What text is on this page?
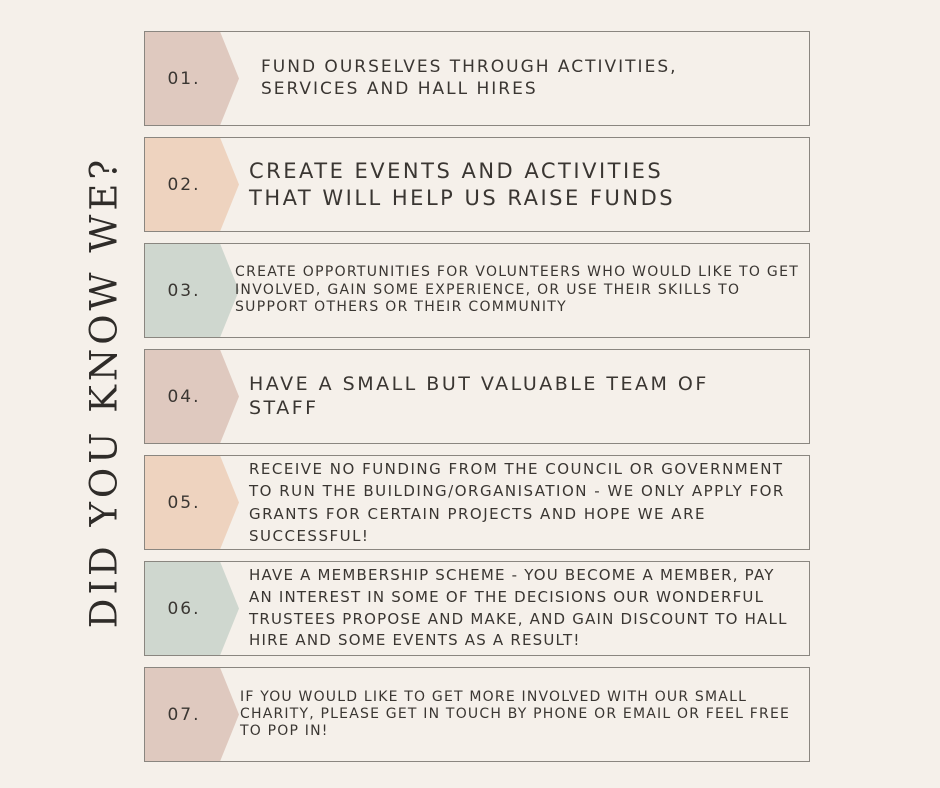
DID YOU KNOW WE?
01.
FUND OURSELVES THROUGH ACTIVITIES, SERVICES AND HALL HIRES
02.
CREATE EVENTS AND ACTIVITIES THAT WILL HELP US RAISE FUNDS
03.
CREATE OPPORTUNITIES FOR VOLUNTEERS WHO WOULD LIKE TO GET INVOLVED, GAIN SOME EXPERIENCE, OR USE THEIR SKILLS TO SUPPORT OTHERS OR THEIR COMMUNITY
04.
HAVE A SMALL BUT VALUABLE TEAM OF STAFF
05.
RECEIVE NO FUNDING FROM THE COUNCIL OR GOVERNMENT TO RUN THE BUILDING/ORGANISATION - WE ONLY APPLY FOR GRANTS FOR CERTAIN PROJECTS AND HOPE WE ARE SUCCESSFUL!
06.
HAVE A MEMBERSHIP SCHEME - YOU BECOME A MEMBER, PAY AN INTEREST IN SOME OF THE DECISIONS OUR WONDERFUL TRUSTEES PROPOSE AND MAKE, AND GAIN DISCOUNT TO HALL HIRE AND SOME EVENTS AS A RESULT!
07.
IF YOU WOULD LIKE TO GET MORE INVOLVED WITH OUR SMALL CHARITY, PLEASE GET IN TOUCH BY PHONE OR EMAIL OR FEEL FREE TO POP IN!
